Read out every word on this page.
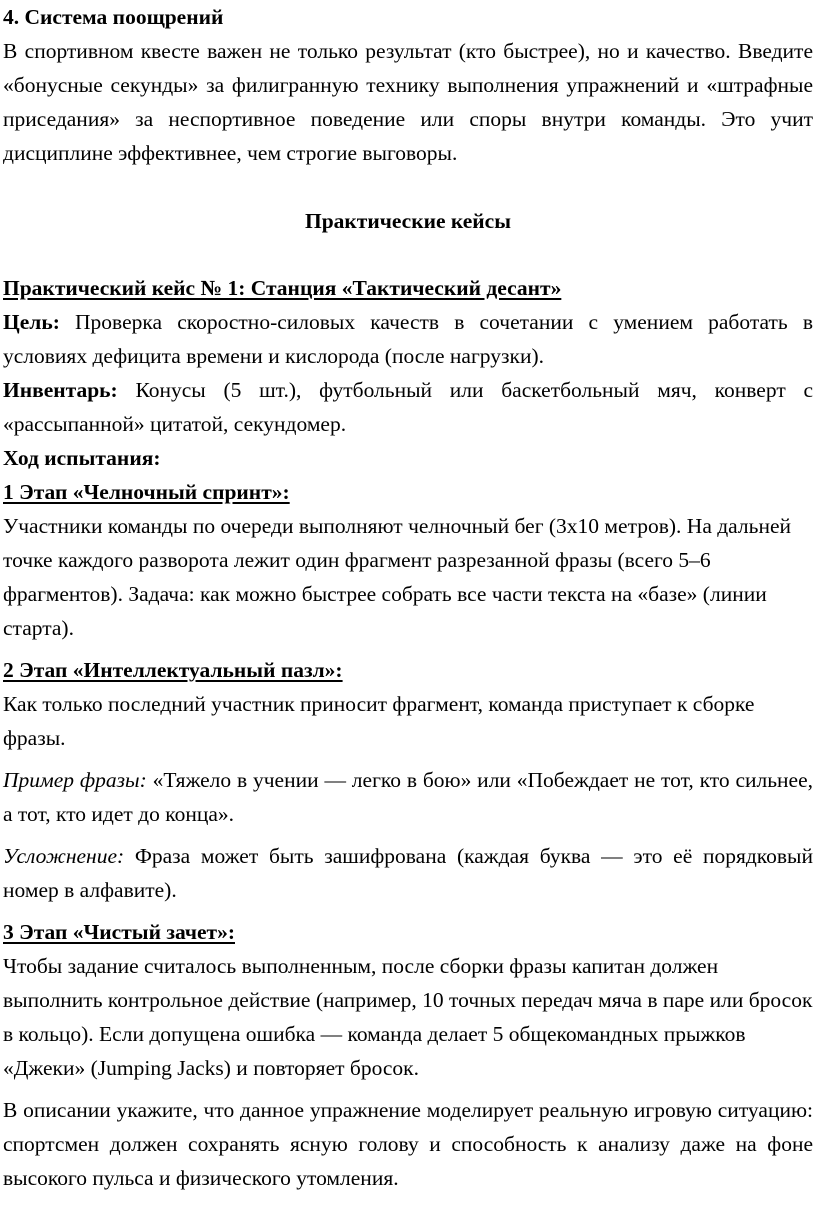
4. Система поощрений

В спортивном квесте важен не только результат (кто быстрее), но и качество. Введите «бонусные секунды» за филигранную технику выполнения упражнений и «штрафные приседания» за неспортивное поведение или споры внутри команды. Это учит дисциплине эффективнее, чем строгие выговоры.

Практические кейсы

Практический кейс № 1: Станция «Тактический десант»

Цель: Проверка скоростно-силовых качеств в сочетании с умением работать в условиях дефицита времени и кислорода (после нагрузки).

Инвентарь: Конусы (5 шт.), футбольный или баскетбольный мяч, конверт с «рассыпанной» цитатой, секундомер.

Ход испытания:

1 Этап «Челночный спринт»:

Участники команды по очереди выполняют челночный бег (3х10 метров). На дальней точке каждого разворота лежит один фрагмент разрезанной фразы (всего 5–6 фрагментов). Задача: как можно быстрее собрать все части текста на «базе» (линии старта).

2 Этап «Интеллектуальный пазл»:

Как только последний участник приносит фрагмент, команда приступает к сборке фразы.

Пример фразы: «Тяжело в учении — легко в бою» или «Побеждает не тот, кто сильнее, а тот, кто идет до конца».

Усложнение: Фраза может быть зашифрована (каждая буква — это её порядковый номер в алфавите).

3 Этап «Чистый зачет»:

Чтобы задание считалось выполненным, после сборки фразы капитан должен выполнить контрольное действие (например, 10 точных передач мяча в паре или бросок в кольцо). Если допущена ошибка — команда делает 5 общекомандных прыжков «Джеки» (Jumping Jacks) и повторяет бросок.

В описании укажите, что данное упражнение моделирует реальную игровую ситуацию: спортсмен должен сохранять ясную голову и способность к анализу даже на фоне высокого пульса и физического утомления.
